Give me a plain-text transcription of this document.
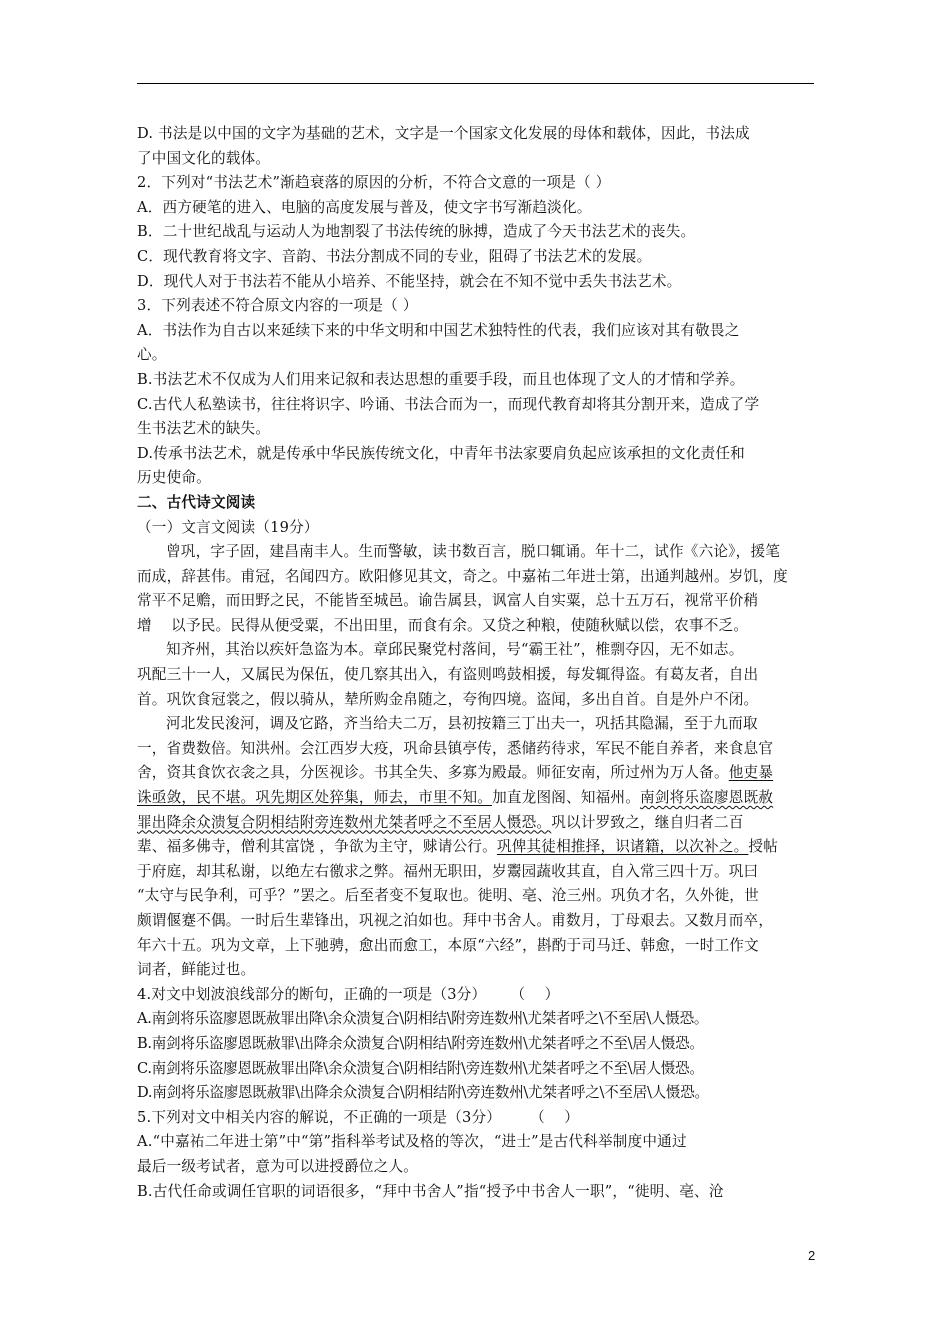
D. 书法是以中国的文字为基础的艺术，文字是一个国家文化发展的母体和载体，因此，书法成
了中国文化的载体。
2．下列对“书法艺术”渐趋衰落的原因的分析，不符合文意的一项是（ ）
A．西方硬笔的进入、电脑的高度发展与普及，使文字书写渐趋淡化。
B．二十世纪战乱与运动人为地割裂了书法传统的脉搏，造成了今天书法艺术的丧失。
C．现代教育将文字、音韵、书法分割成不同的专业，阻碍了书法艺术的发展。
D．现代人对于书法若不能从小培养、不能坚持，就会在不知不觉中丢失书法艺术。
3．下列表述不符合原文内容的一项是（ ）
A．书法作为自古以来延续下来的中华文明和中国艺术独特性的代表，我们应该对其有敬畏之
心。
B.书法艺术不仅成为人们用来记叙和表达思想的重要手段，而且也体现了文人的才情和学养。
C.古代人私塾读书，往往将识字、吟诵、书法合而为一，而现代教育却将其分割开来，造成了学
生书法艺术的缺失。
D.传承书法艺术，就是传承中华民族传统文化，中青年书法家要肩负起应该承担的文化责任和
历史使命。
二、古代诗文阅读
（一）文言文阅读（19分）
曾巩，字子固，建昌南丰人。生而警敏，读书数百言，脱口辄诵。年十二，试作《六论》，援笔
而成，辞甚伟。甫冠，名闻四方。欧阳修见其文，奇之。中嘉祐二年进士第，出通判越州。岁饥，度
常平不足赡，而田野之民，不能皆至城邑。谕告属县，讽富人自实粟，总十五万石，视常平价稍
增    以予民。民得从便受粟，不出田里，而食有余。又贷之种粮，使随秋赋以偿，农事不乏。
知齐州，其治以疾奸急盗为本。章邱民聚党村落间，号“霸王社”，椎剽夺囚，无不如志。
巩配三十一人，又属民为保伍，使几察其出入，有盗则鸣鼓相援，每发辄得盗。有葛友者，自出
首。巩饮食冠裳之，假以骑从，辇所购金帛随之，夸徇四境。盗闻，多出自首。自是外户不闭。
河北发民浚河，调及它路，齐当给夫二万，县初按籍三丁出夫一，巩括其隐漏，至于九而取
一，省费数倍。知洪州。会江西岁大疫，巩命县镇亭传，悉储药待求，军民不能自养者，来食息官
舍，资其食饮衣衾之具，分医视诊。书其全失、多寡为殿最。师征安南，所过州为万人备。他吏暴
诛亟敛，民不堪。巩先期区处猝集，师去，市里不知。加直龙图阁、知福州。南剑将乐盗廖恩既赦
罪出降余众溃复合阴相结附旁连数州尤桀者呼之不至居人慑恐。巩以计罗致之，继自归者二百
辈、福多佛寺，僧利其富饶 ，争欲为主守，赇请公行。巩俾其徒相推择，识诸籍，以次补之。授帖
于府庭，却其私谢，以绝左右徼求之弊。福州无职田，岁鬻园蔬收其直，自入常三四十万。巩曰
“太守与民争利，可乎？”罢之。后至者变不复取也。徙明、亳、沧三州。巩负才名，久外徙，世
颇谓偃蹇不偶。一时后生辈锋出，巩视之泊如也。拜中书舍人。甫数月，丁母艰去。又数月而卒，
年六十五。巩为文章，上下驰骋，愈出而愈工，本原“六经”，斟酌于司马迁、韩愈，一时工作文
词者，鲜能过也。
4.对文中划波浪线部分的断句，正确的一项是（3分）     （    ）
A.南剑将乐盗廖恩既赦罪出降\余众溃复合\阴相结\附旁连数州\尤桀者呼之\不至居\人慑恐。
B.南剑将乐盗廖恩既赦罪\出降余众溃复合\阴相结\附旁连数州\尤桀者呼之不至\居人慑恐。
C.南剑将乐盗廖恩既赦罪出降\余众溃复合\阴相结附\旁连数州\尤桀者呼之不至\居人慑恐。
D.南剑将乐盗廖恩既赦罪\出降余众溃复合\阴相结附\旁连数州\尤桀者呼之\不至居\人慑恐。
5.下列对文中相关内容的解说，不正确的一项是（3分）      （    ）
A.“中嘉祐二年进士第”中“第”指科举考试及格的等次，“进士”是古代科举制度中通过
最后一级考试者，意为可以进授爵位之人。
B.古代任命或调任官职的词语很多，“拜中书舍人”指“授予中书舍人一职”，“徙明、亳、沧
2
